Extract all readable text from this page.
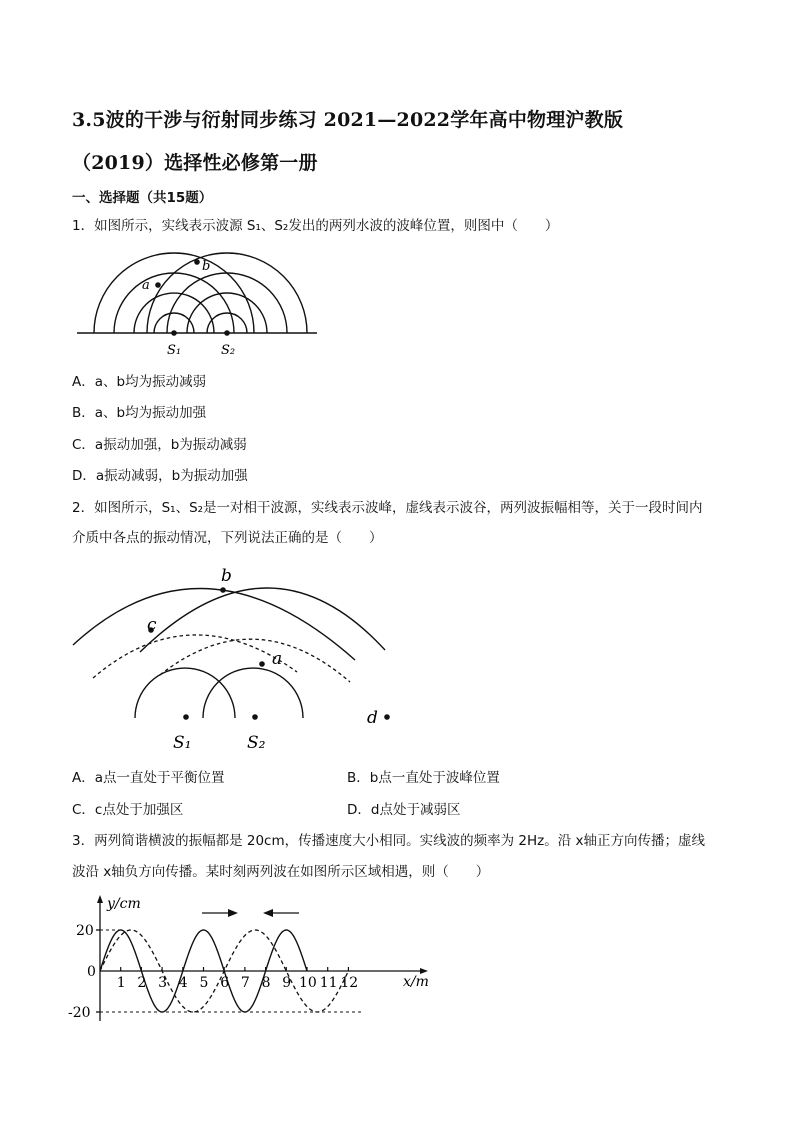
3.5波的干涉与衍射同步练习 2021—2022学年高中物理沪教版
（2019）选择性必修第一册
一、选择题（共15题）
1．如图所示，实线表示波源 S₁、S₂发出的两列水波的波峰位置，则图中（　　）
a
b
S₁	S₂
A．a、b均为振动减弱
B．a、b均为振动加强
C．a振动加强，b为振动减弱
D．a振动减弱，b为振动加强
2．如图所示，S₁、S₂是一对相干波源，实线表示波峰，虚线表示波谷，两列波振幅相等，关于一段时间内
介质中各点的振动情况，下列说法正确的是（　　）
a
b
c
d
S₁	S₂
A．a点一直处于平衡位置	B．b点一直处于波峰位置
C．c点处于加强区	D．d点处于减弱区
3．两列简谐横波的振幅都是 20cm，传播速度大小相同。实线波的频率为 2Hz。沿 x轴正方向传播；虚线
波沿 x轴负方向传播。某时刻两列波在如图所示区域相遇，则（　　）
1 2 3 4 5 6 7 8 9 10 11 12
y/cm
x/m
20
0
-20
